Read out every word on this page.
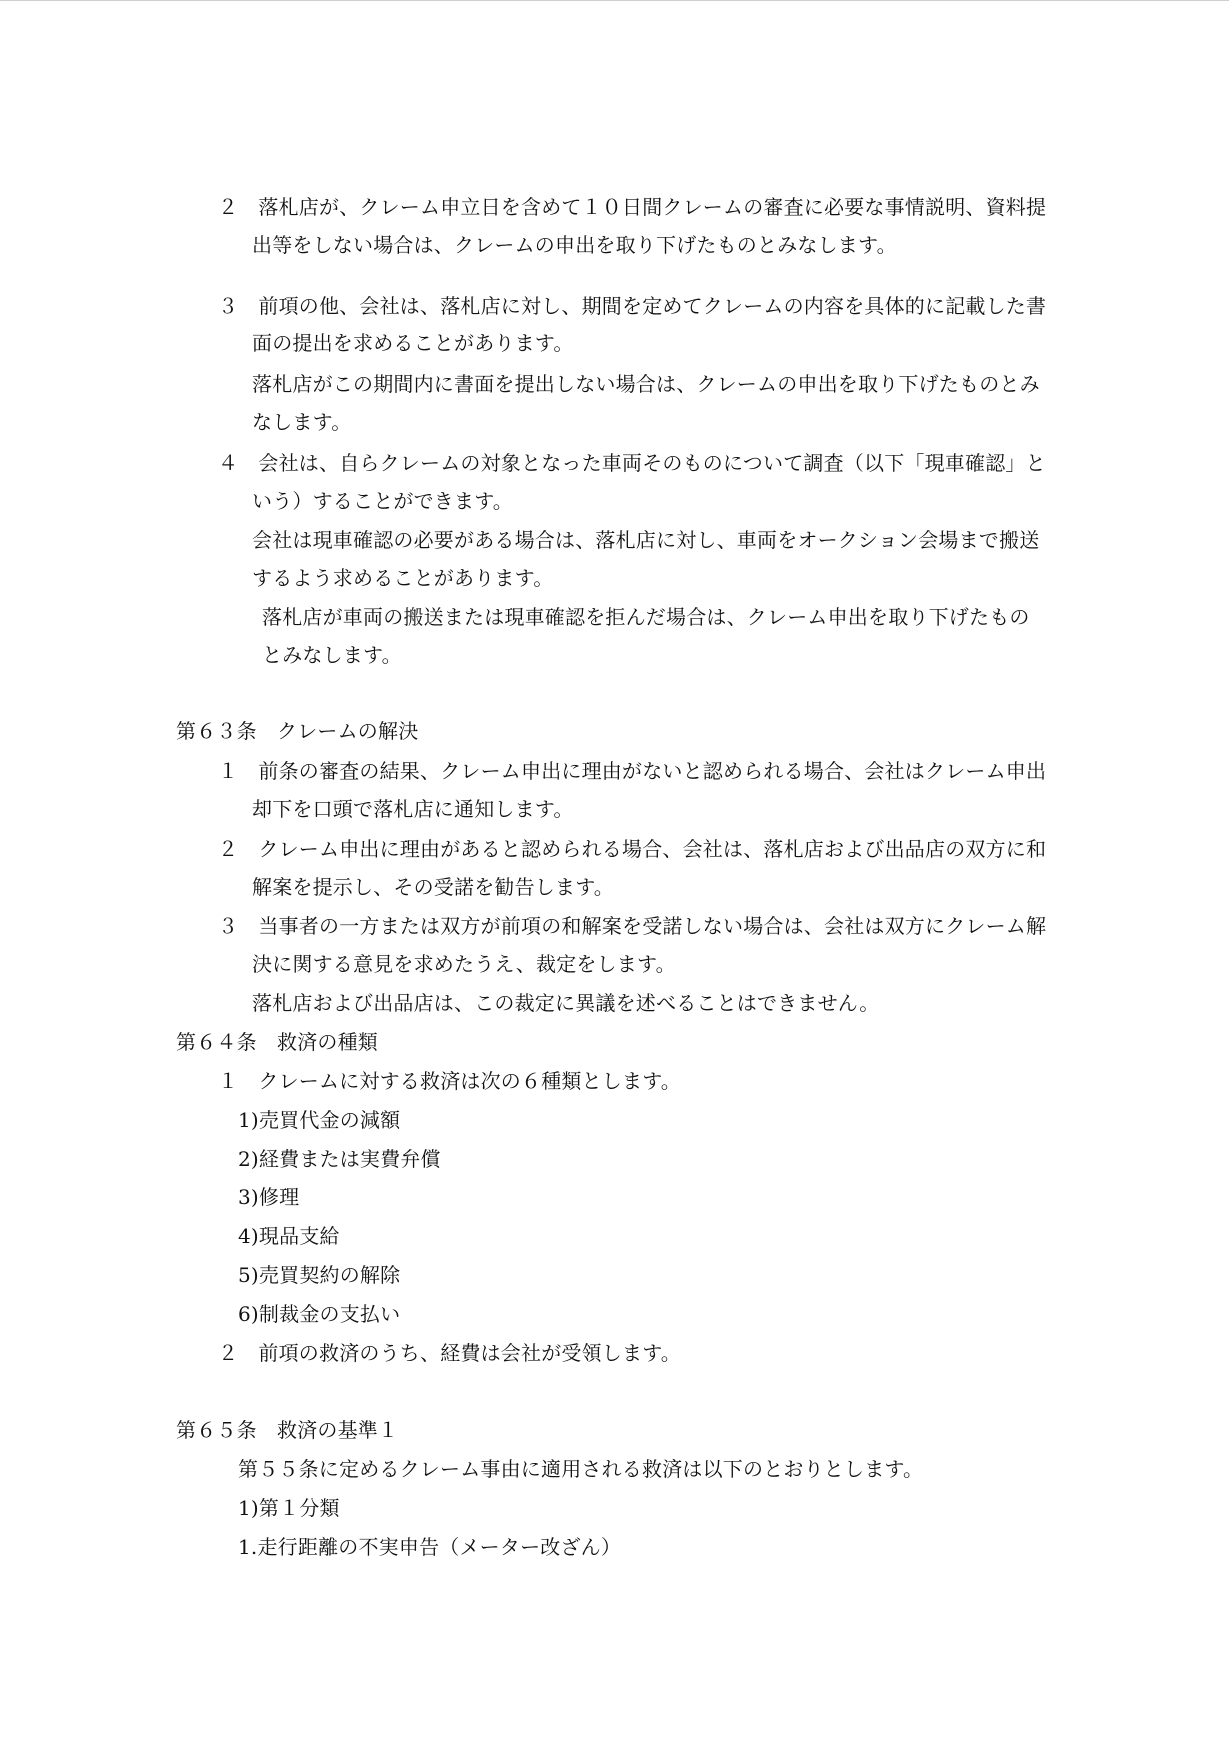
２　落札店が、クレーム申立日を含めて１０日間クレームの審査に必要な事情説明、資料提
出等をしない場合は、クレームの申出を取り下げたものとみなします。
３　前項の他、会社は、落札店に対し、期間を定めてクレームの内容を具体的に記載した書
面の提出を求めることがあります。
落札店がこの期間内に書面を提出しない場合は、クレームの申出を取り下げたものとみ
なします。
４　会社は、自らクレームの対象となった車両そのものについて調査（以下「現車確認」と
いう）することができます。
会社は現車確認の必要がある場合は、落札店に対し、車両をオークション会場まで搬送
するよう求めることがあります。
落札店が車両の搬送または現車確認を拒んだ場合は、クレーム申出を取り下げたもの
とみなします。
第６３条　クレームの解決
１　前条の審査の結果、クレーム申出に理由がないと認められる場合、会社はクレーム申出
却下を口頭で落札店に通知します。
２　クレーム申出に理由があると認められる場合、会社は、落札店および出品店の双方に和
解案を提示し、その受諾を勧告します。
３　当事者の一方または双方が前項の和解案を受諾しない場合は、会社は双方にクレーム解
決に関する意見を求めたうえ、裁定をします。
落札店および出品店は、この裁定に異議を述べることはできません。
第６４条　救済の種類
１　クレームに対する救済は次の６種類とします。
1)売買代金の減額
2)経費または実費弁償
3)修理
4)現品支給
5)売買契約の解除
6)制裁金の支払い
２　前項の救済のうち、経費は会社が受領します。
第６５条　救済の基準１
第５５条に定めるクレーム事由に適用される救済は以下のとおりとします。
1)第１分類
1.走行距離の不実申告（メーター改ざん）
